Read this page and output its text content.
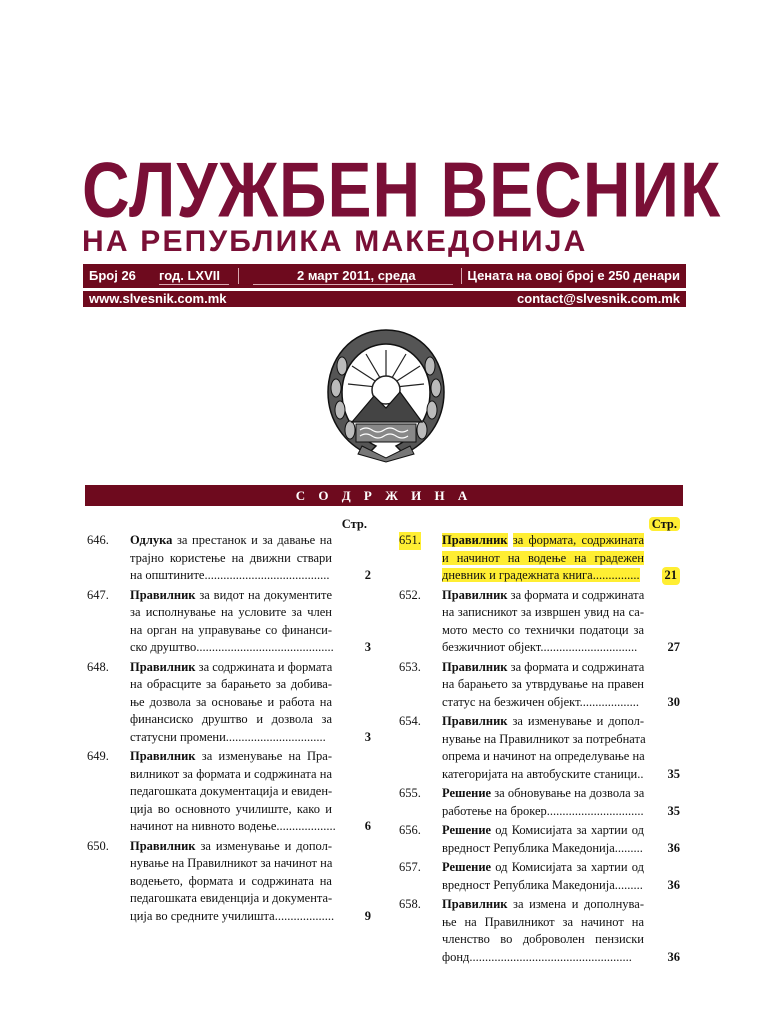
СЛУЖБЕН ВЕСНИК
НА РЕПУБЛИКА МАКЕДОНИЈА
Број 26 год. LXVII	2 март 2011, среда	Цената на овој број е 250 денари
www.slvesnik.com.mk	contact@slvesnik.com.mk
С О Д Р Ж И Н А
Стр.
646. Одлука за престанок и за давање на
трајно користење на движни ствари
на општините........................................	2
647. Правилник за видот на документите
за исполнување на условите за член
на орган на управување со финанси-
ско друштво............................................ 3
648. Правилник за содржината и формата
на обрасците за барањето за добива-
ње дозвола за основање и работа на
финансиско друштво и дозвола за
статусни промени................................	3
649. Правилник за изменување на Пра-
вилникот за формата и содржината на
педагошката документација и евиден-
ција во основното училиште, како и
начинот на нивното водење................... 6
650. Правилник за изменување и допол-
нување на Правилникот за начинот на
водењето, формата и содржината на
педагошката евиденција и документа-
ција во средните училишта................... 9
Стр.
651. Правилник за формата, содржината
и начинот на водење на градежен
дневник и градежната книга...............	21
652. Правилник за формата и содржината
на записникот за извршен увид на са-
мото место со технички податоци за
безжичниот објект...............................	27
653. Правилник за формата и содржината
на барањето за утврдување на правен
статус на безжичен објект...................	30
654. Правилник за изменување и допол-
нување на Правилникот за потребната
опрема и начинот на определување на
категоријата на автобуските станици.. 35
655. Решение за обновување на дозвола за
работење на брокер............................... 35
656. Решение од Комисијата за хартии од
вредност Република Македонија......... 36
657. Решение од Комисијата за хартии од
вредност Република Македонија......... 36
658. Правилник за измена и дополнува-
ње на Правилникот за начинот на
членство во доброволен пензиски
фонд....................................................	36
